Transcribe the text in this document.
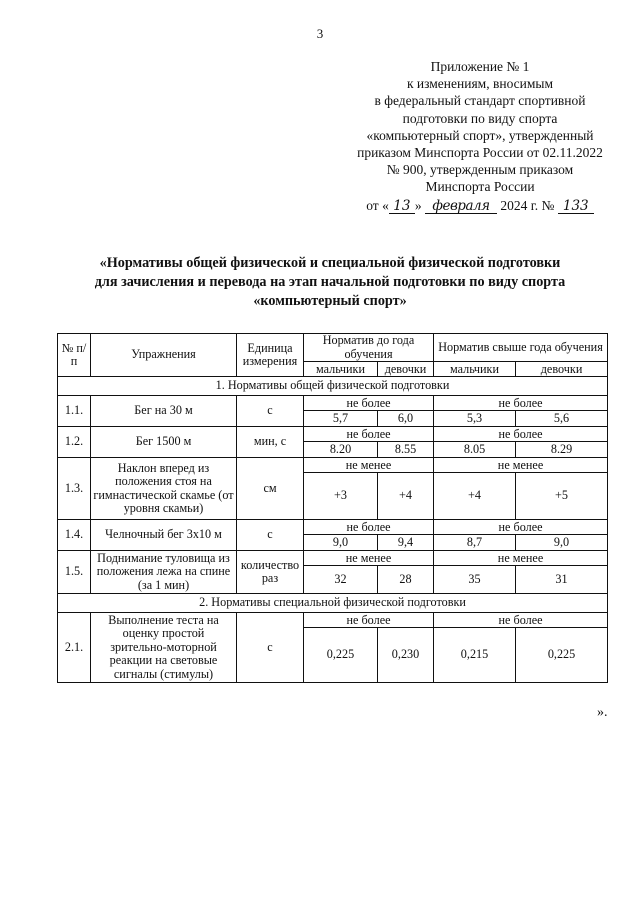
3
Приложение № 1
к изменениям, вносимым
в федеральный стандарт спортивной
подготовки по виду спорта
«компьютерный спорт», утвержденный
приказом Минспорта России от 02.11.2022
№ 900, утвержденным приказом
Минспорта России
от « 13 » февраля 2024 г. № 133
«Нормативы общей физической и специальной физической подготовки
для зачисления и перевода на этап начальной подготовки по виду спорта
«компьютерный спорт»
№ п/п	Упражнения	Единица измерения	Норматив до года обучения		Норматив свыше года обучения	
			мальчики	девочки	мальчики	девочки
1. Нормативы общей физической подготовки						
1.1.	Бег на 30 м	с	не более		не более	
			5,7	6,0	5,3	5,6
1.2.	Бег 1500 м	мин, с	не более		не более	
			8.20	8.55	8.05	8.29
1.3.	Наклон вперед из положения стоя на гимнастической скамье (от уровня скамьи)	см	не менее		не менее	
			+3	+4	+4	+5
1.4.	Челночный бег 3х10 м	с	не более		не более	
			9,0	9,4	8,7	9,0
1.5.	Поднимание туловища из положения лежа на спине (за 1 мин)	количество раз	не менее		не менее	
			32	28	35	31
2. Нормативы специальной физической подготовки						
2.1.	Выполнение теста на оценку простой зрительно-моторной реакции на световые сигналы (стимулы)	с	не более		не более	
			0,225	0,230	0,215	0,225
».
